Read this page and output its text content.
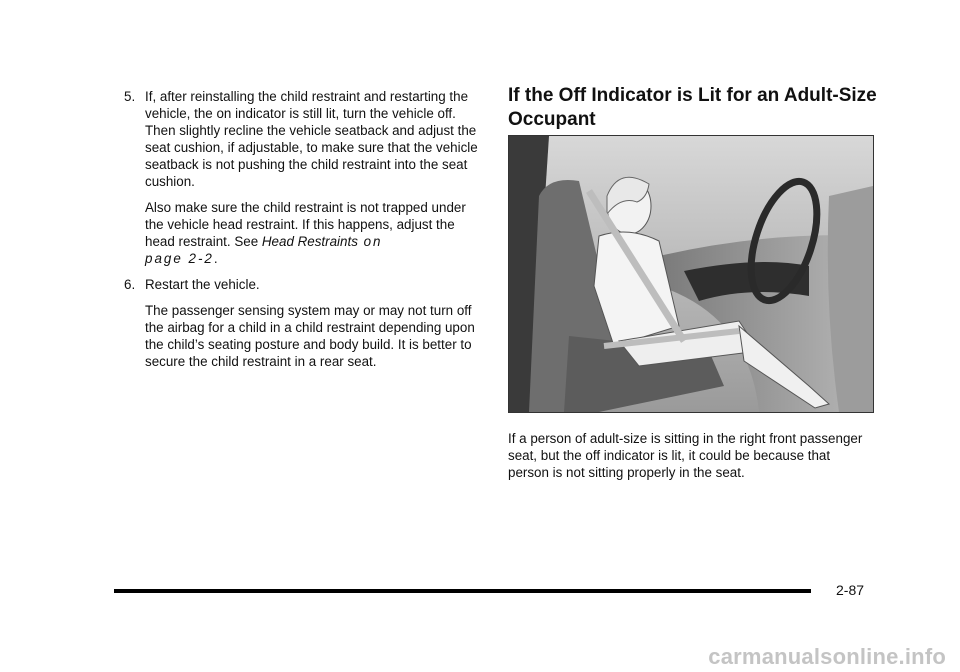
5. If, after reinstalling the child restraint and restarting the vehicle, the on indicator is still lit, turn the vehicle off. Then slightly recline the vehicle seatback and adjust the seat cushion, if adjustable, to make sure that the vehicle seatback is not pushing the child restraint into the seat cushion.

Also make sure the child restraint is not trapped under the vehicle head restraint. If this happens, adjust the head restraint. See Head Restraints on
page 2-2.

6. Restart the vehicle.

The passenger sensing system may or may not turn off the airbag for a child in a child restraint depending upon the child’s seating posture and body build. It is better to secure the child restraint in a rear seat.

If the Off Indicator is Lit for an Adult-Size Occupant

If a person of adult-size is sitting in the right front passenger seat, but the off indicator is lit, it could be because that person is not sitting properly in the seat.

2-87
carmanualsonline.info
